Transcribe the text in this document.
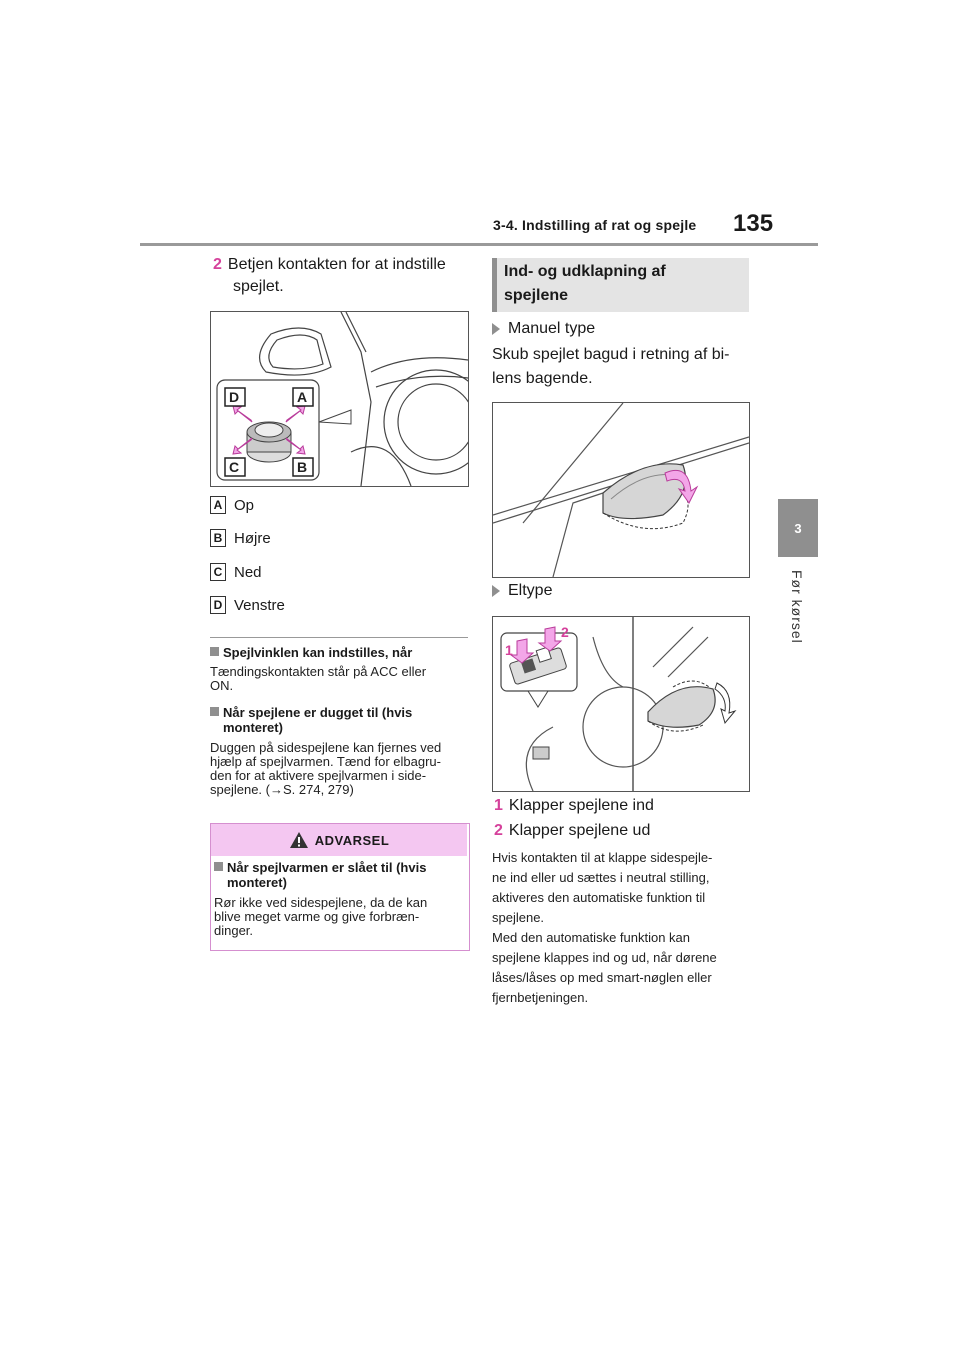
3-4. Indstilling af rat og spejle 135
3
Før kørsel
2 Betjen kontakten for at indstille
spejlet.
D	A
C	B
A Op
B Højre
C Ned
D Venstre
Spejlvinklen kan indstilles, når
Tændingskontakten står på ACC eller
ON.
Når spejlene er dugget til (hvis
monteret)
Duggen på sidespejlene kan fjernes ved
hjælp af spejlvarmen. Tænd for elbagru-
den for at aktivere spejlvarmen i side-
spejlene. (→S. 274, 279)
ADVARSEL
Når spejlvarmen er slået til (hvis
monteret)
Rør ikke ved sidespejlene, da de kan
blive meget varme og give forbræn-
dinger.
Ind- og udklapning af
spejlene
Manuel type
Skub spejlet bagud i retning af bi-
lens bagende.
Eltype
1
2
1 Klapper spejlene ind
2 Klapper spejlene ud
Hvis kontakten til at klappe sidespejle-
ne ind eller ud sættes i neutral stilling,
aktiveres den automatiske funktion til
spejlene.
Med den automatiske funktion kan
spejlene klappes ind og ud, når dørene
låses/låses op med smart-nøglen eller
fjernbetjeningen.
